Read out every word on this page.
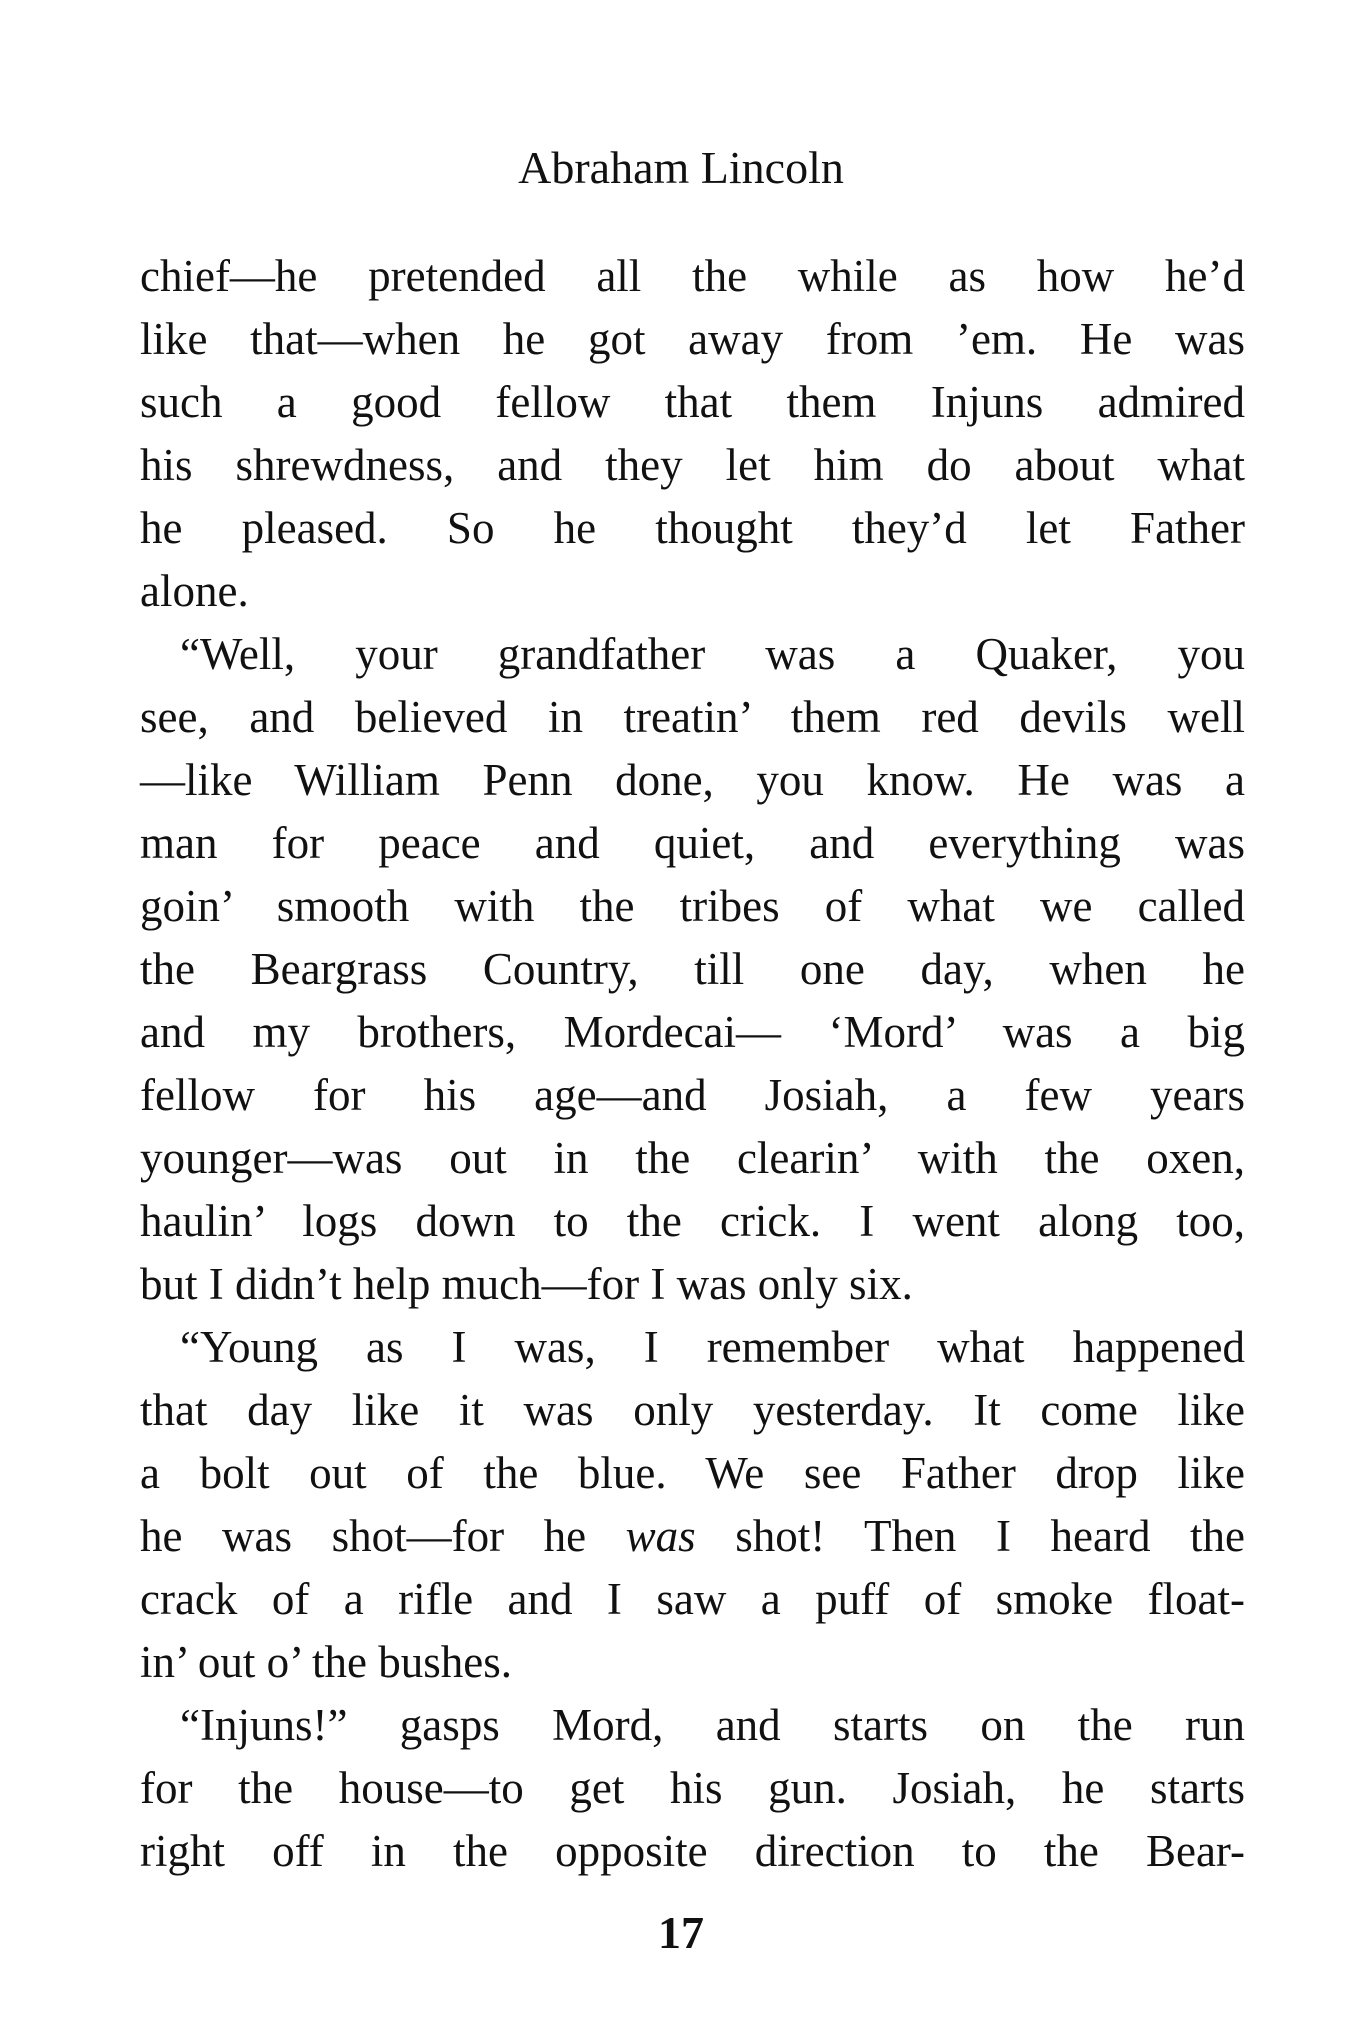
Abraham Lincoln
chief—he pretended all the while as how he’d
like that—when he got away from ’em. He was
such a good fellow that them Injuns admired
his shrewdness, and they let him do about what
he pleased. So he thought they’d let Father
alone.
“Well, your grandfather was a Quaker, you
see, and believed in treatin’ them red devils well
—like William Penn done, you know. He was a
man for peace and quiet, and everything was
goin’ smooth with the tribes of what we called
the Beargrass Country, till one day, when he
and my brothers, Mordecai— ‘Mord’ was a big
fellow for his age—and Josiah, a few years
younger—was out in the clearin’ with the oxen,
haulin’ logs down to the crick. I went along too,
but I didn’t help much—for I was only six.
“Young as I was, I remember what happened
that day like it was only yesterday. It come like
a bolt out of the blue. We see Father drop like
he was shot—for he was shot! Then I heard the
crack of a rifle and I saw a puff of smoke float-
in’ out o’ the bushes.
“Injuns!” gasps Mord, and starts on the run
for the house—to get his gun. Josiah, he starts
right off in the opposite direction to the Bear-
17
